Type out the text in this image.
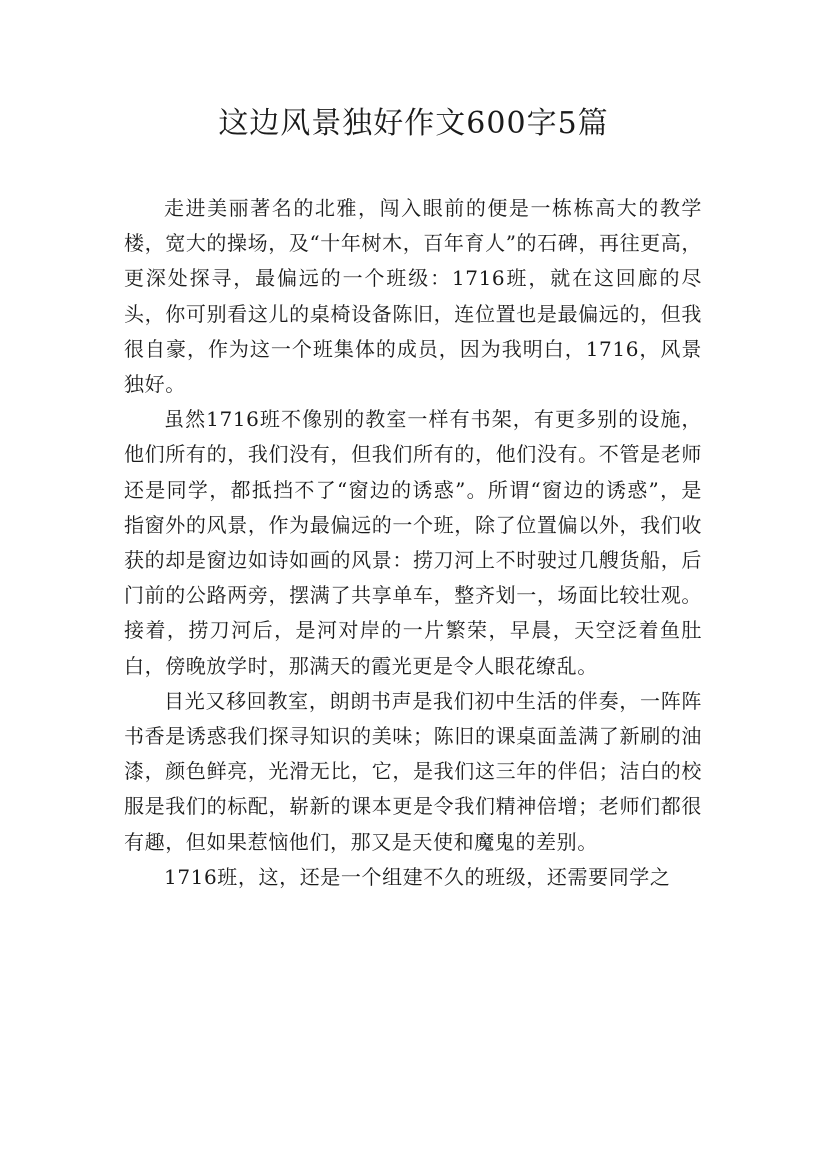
这边风景独好作文600字5篇

走进美丽著名的北雅，闯入眼前的便是一栋栋高大的教学楼，宽大的操场，及“十年树木，百年育人”的石碑，再往更高，更深处探寻，最偏远的一个班级：1716班，就在这回廊的尽头，你可别看这儿的桌椅设备陈旧，连位置也是最偏远的，但我很自豪，作为这一个班集体的成员，因为我明白，1716，风景独好。

虽然1716班不像别的教室一样有书架，有更多别的设施，他们所有的，我们没有，但我们所有的，他们没有。不管是老师还是同学，都抵挡不了“窗边的诱惑”。所谓“窗边的诱惑”，是指窗外的风景，作为最偏远的一个班，除了位置偏以外，我们收获的却是窗边如诗如画的风景：捞刀河上不时驶过几艘货船，后门前的公路两旁，摆满了共享单车，整齐划一，场面比较壮观。接着，捞刀河后，是河对岸的一片繁荣，早晨，天空泛着鱼肚白，傍晚放学时，那满天的霞光更是令人眼花缭乱。

目光又移回教室，朗朗书声是我们初中生活的伴奏，一阵阵书香是诱惑我们探寻知识的美味；陈旧的课桌面盖满了新刷的油漆，颜色鲜亮，光滑无比，它，是我们这三年的伴侣；洁白的校服是我们的标配，崭新的课本更是令我们精神倍增；老师们都很有趣，但如果惹恼他们，那又是天使和魔鬼的差别。

1716班，这，还是一个组建不久的班级，还需要同学之
